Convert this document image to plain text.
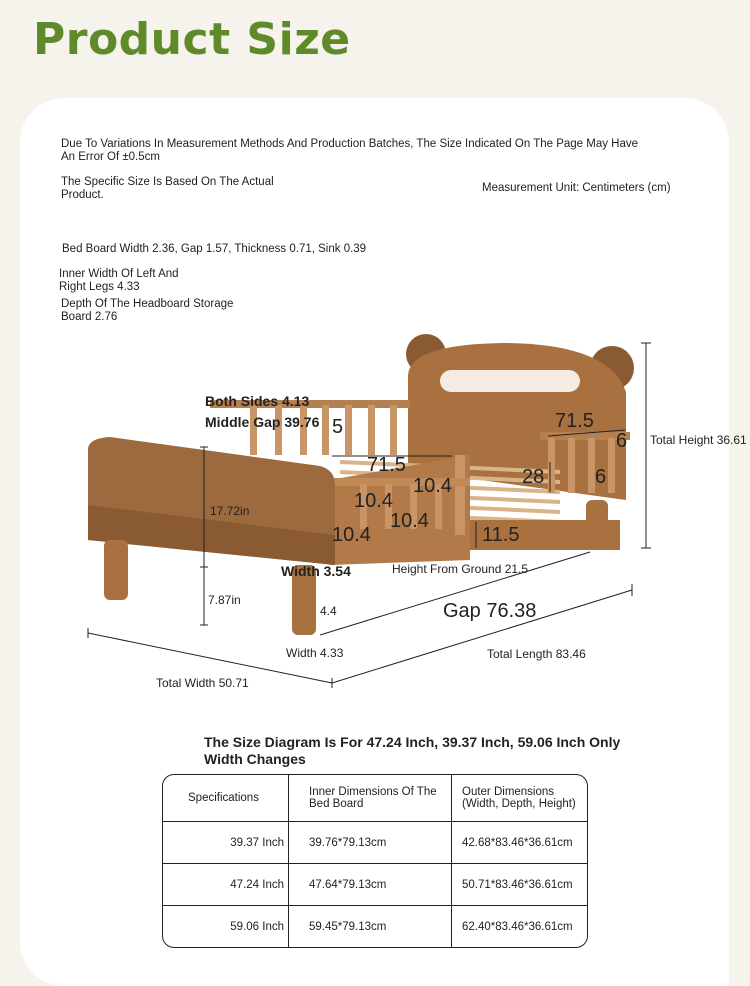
Product Size
Due To Variations In Measurement Methods And Production Batches, The Size Indicated On The Page May Have An Error Of ±0.5cm
The Specific Size Is Based On The Actual Product.
Measurement Unit: Centimeters (cm)
Bed Board Width 2.36, Gap 1.57, Thickness 0.71, Sink 0.39
Inner Width Of Left And Right Legs 4.33
Depth Of The Headboard Storage Board 2.76
Both Sides 4.13
Middle Gap 39.76 5
71.5
71.5
6
6
28
10.4
10.4
10.4
10.4
11.5
17.72in
7.87in
Width 3.54	Height From Ground 21.5
4.4	Gap 76.38
Width 4.33	Total Length 83.46
Total Width 50.71
Total Height 36.61
The Size Diagram Is For 47.24 Inch, 39.37 Inch, 59.06 Inch Only Width Changes
Specifications	Inner Dimensions Of The Bed Board	Outer Dimensions (Width, Depth, Height)
39.37 Inch	39.76*79.13cm	42.68*83.46*36.61cm
47.24 Inch	47.64*79.13cm	50.71*83.46*36.61cm
59.06 Inch	59.45*79.13cm	62.40*83.46*36.61cm
